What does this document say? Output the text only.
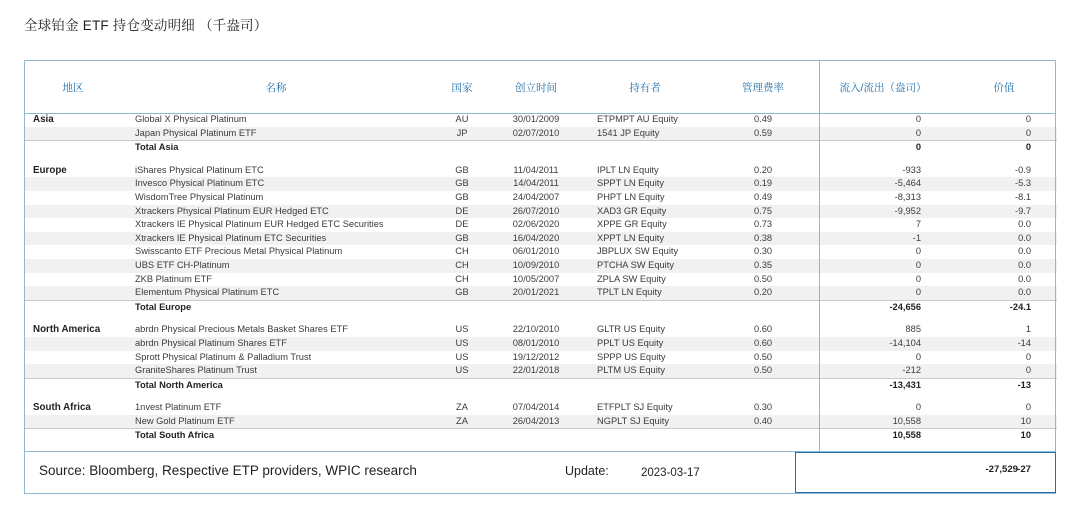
全球铂金 ETF 持仓变动明细 （千盎司）
地区	名称	国家	创立时间	持有者	管理费率	流入/流出（盎司）	价值
Asia	Global X Physical Platinum	AU	30/01/2009	ETPMPT AU Equity	0.49	0	0
	Japan Physical Platinum ETF	JP	02/07/2010	1541 JP Equity	0.59	0	0
	Total Asia					0	0

Europe	iShares Physical Platinum ETC	GB	11/04/2011	IPLT LN Equity	0.20	-933	-0.9
	Invesco Physical Platinum ETC	GB	14/04/2011	SPPT LN Equity	0.19	-5,464	-5.3
	WisdomTree Physical Platinum	GB	24/04/2007	PHPT LN Equity	0.49	-8,313	-8.1
	Xtrackers Physical Platinum EUR Hedged ETC	DE	26/07/2010	XAD3 GR Equity	0.75	-9,952	-9.7
	Xtrackers IE Physical Platinum EUR Hedged ETC Securities	DE	02/06/2020	XPPE GR Equity	0.73	7	0.0
	Xtrackers IE Physical Platinum ETC Securities	GB	16/04/2020	XPPT LN Equity	0.38	-1	0.0
	Swisscanto ETF Precious Metal Physical Platinum	CH	06/01/2010	JBPLUX SW Equity	0.30	0	0.0
	UBS ETF CH-Platinum	CH	10/09/2010	PTCHA SW Equity	0.35	0	0.0
	ZKB Platinum ETF	CH	10/05/2007	ZPLA SW Equity	0.50	0	0.0
	Elementum Physical Platinum ETC	GB	20/01/2021	TPLT LN Equity	0.20	0	0.0
	Total Europe					-24,656	-24.1

North America	abrdn Physical Precious Metals Basket Shares ETF	US	22/10/2010	GLTR US Equity	0.60	885	1
	abrdn Physical Platinum Shares ETF	US	08/01/2010	PPLT US Equity	0.60	-14,104	-14
	Sprott Physical Platinum & Palladium Trust	US	19/12/2012	SPPP US Equity	0.50	0	0
	GraniteShares Platinum Trust	US	22/01/2018	PLTM US Equity	0.50	-212	0
	Total North America					-13,431	-13

South Africa	1nvest Platinum ETF	ZA	07/04/2014	ETFPLT SJ Equity	0.30	0	0
	New Gold Platinum ETF	ZA	26/04/2013	NGPLT SJ Equity	0.40	10,558	10
	Total South Africa					10,558	10
Source: Bloomberg, Respective ETP providers, WPIC research	Update:	2023-03-17	-27,529 -27
